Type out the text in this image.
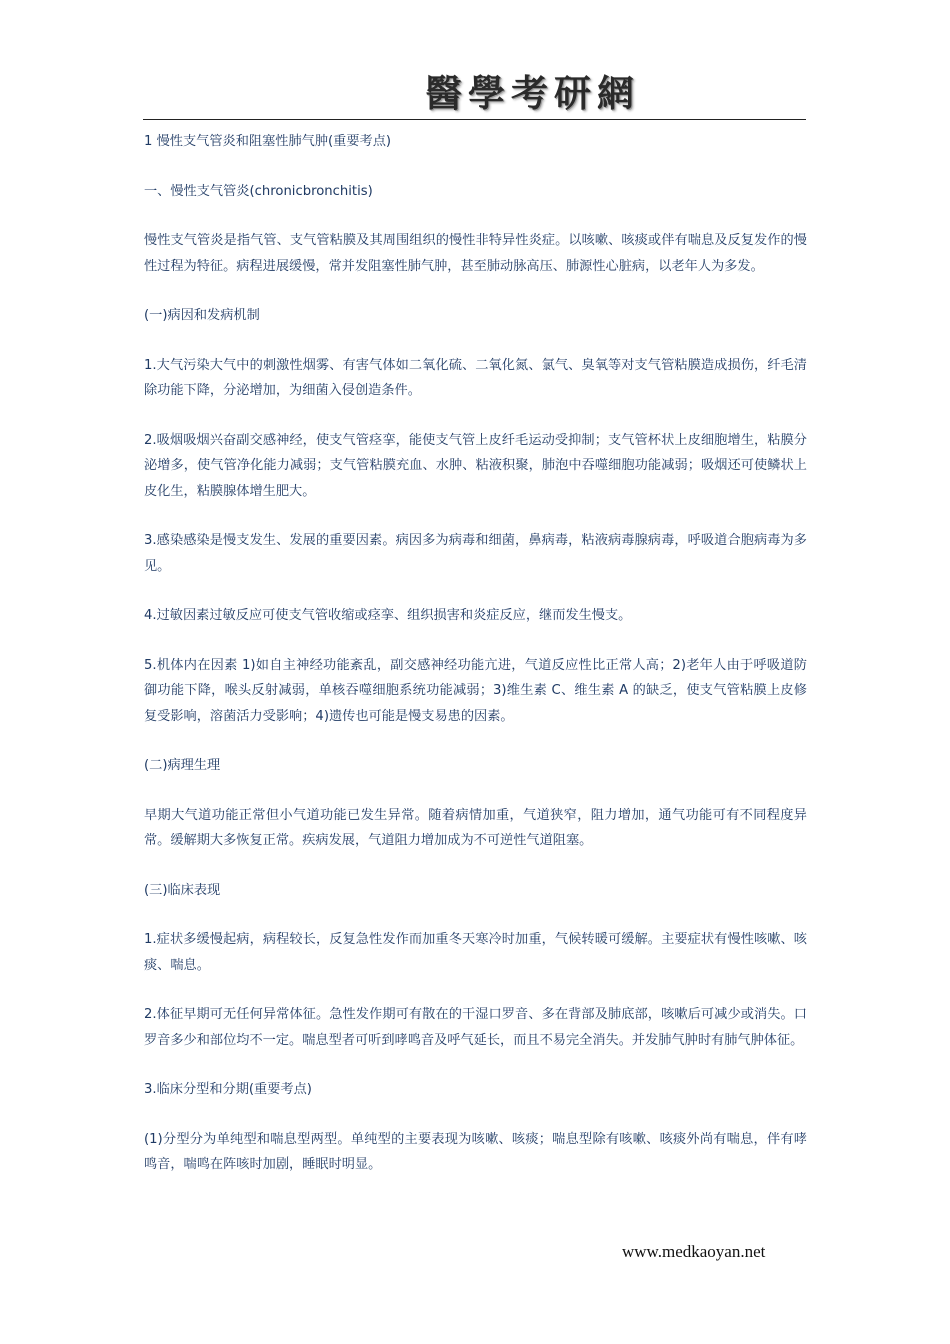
醫學考研網

1 慢性支气管炎和阻塞性肺气肿(重要考点)

一、慢性支气管炎(chronicbronchitis)

慢性支气管炎是指气管、支气管粘膜及其周围组织的慢性非特异性炎症。以咳嗽、咳痰或伴有喘息及反复发作的慢性过程为特征。病程进展缓慢，常并发阻塞性肺气肿，甚至肺动脉高压、肺源性心脏病，以老年人为多发。

(一)病因和发病机制

1.大气污染大气中的刺激性烟雾、有害气体如二氧化硫、二氧化氮、氯气、臭氧等对支气管粘膜造成损伤，纤毛清除功能下降，分泌增加，为细菌入侵创造条件。

2.吸烟吸烟兴奋副交感神经，使支气管痉挛，能使支气管上皮纤毛运动受抑制；支气管杯状上皮细胞增生，粘膜分泌增多，使气管净化能力减弱；支气管粘膜充血、水肿、粘液积聚，肺泡中吞噬细胞功能减弱；吸烟还可使鳞状上皮化生，粘膜腺体增生肥大。

3.感染感染是慢支发生、发展的重要因素。病因多为病毒和细菌，鼻病毒，粘液病毒腺病毒，呼吸道合胞病毒为多见。

4.过敏因素过敏反应可使支气管收缩或痉挛、组织损害和炎症反应，继而发生慢支。

5.机体内在因素 1)如自主神经功能紊乱，副交感神经功能亢进，气道反应性比正常人高；2)老年人由于呼吸道防御功能下降，喉头反射减弱，单核吞噬细胞系统功能减弱；3)维生素 C、维生素 A 的缺乏，使支气管粘膜上皮修复受影响，溶菌活力受影响；4)遗传也可能是慢支易患的因素。

(二)病理生理

早期大气道功能正常但小气道功能已发生异常。随着病情加重，气道狭窄，阻力增加，通气功能可有不同程度异常。缓解期大多恢复正常。疾病发展，气道阻力增加成为不可逆性气道阻塞。

(三)临床表现

1.症状多缓慢起病，病程较长，反复急性发作而加重冬天寒冷时加重，气候转暖可缓解。主要症状有慢性咳嗽、咳痰、喘息。

2.体征早期可无任何异常体征。急性发作期可有散在的干湿口罗音、多在背部及肺底部，咳嗽后可减少或消失。口罗音多少和部位均不一定。喘息型者可听到哮鸣音及呼气延长，而且不易完全消失。并发肺气肿时有肺气肿体征。

3.临床分型和分期(重要考点)

(1)分型分为单纯型和喘息型两型。单纯型的主要表现为咳嗽、咳痰；喘息型除有咳嗽、咳痰外尚有喘息，伴有哮鸣音，喘鸣在阵咳时加剧，睡眠时明显。

www.medkaoyan.net
